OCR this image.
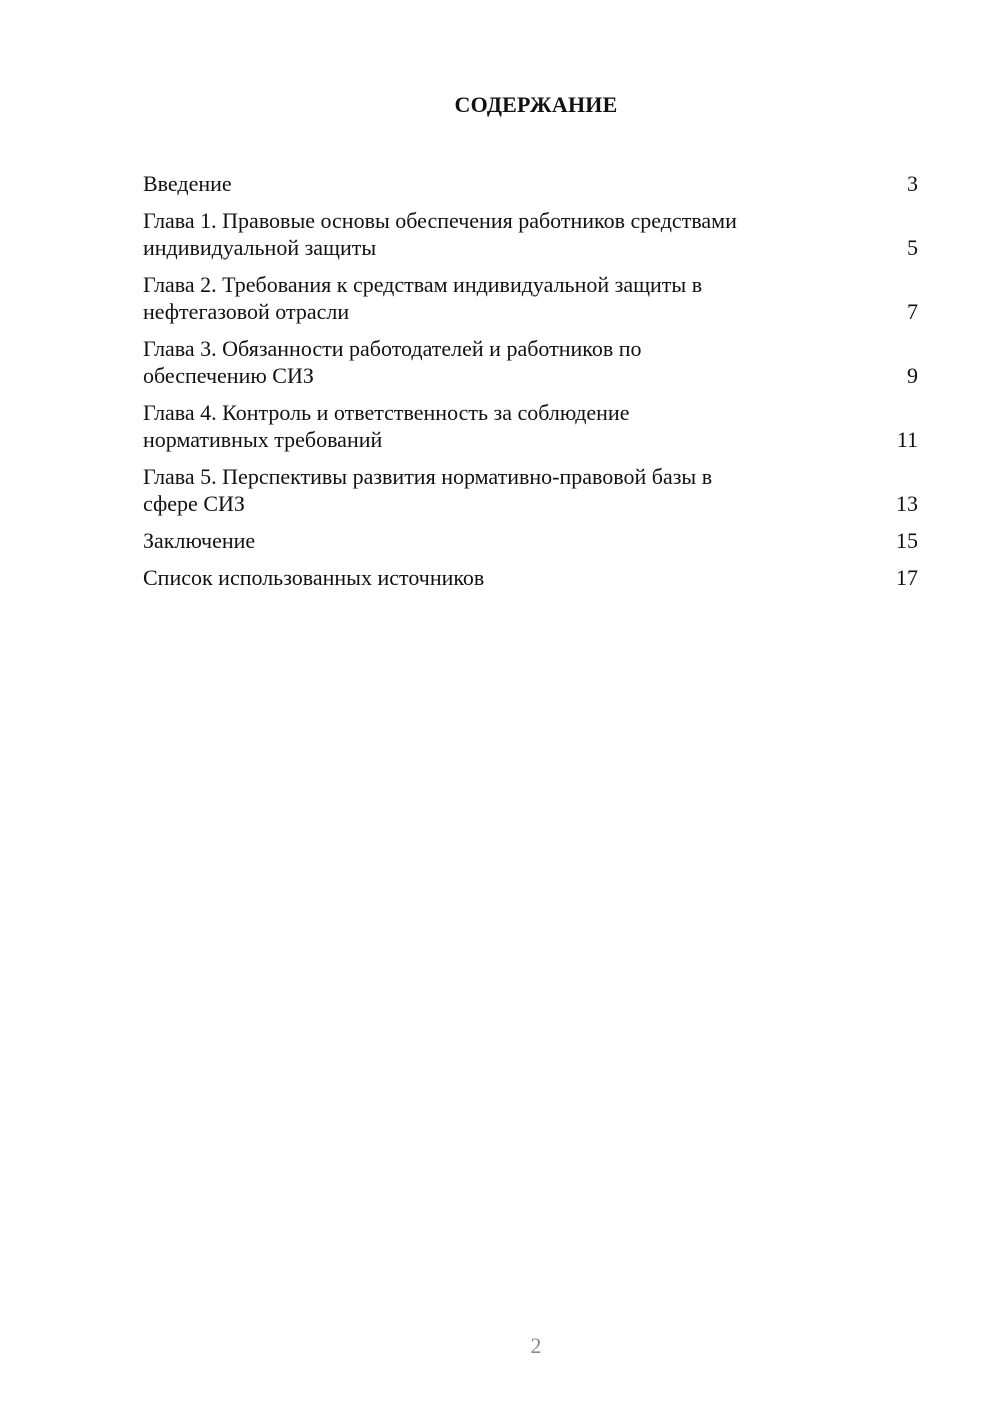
СОДЕРЖАНИЕ
Введение	3
Глава 1. Правовые основы обеспечения работников средствами
индивидуальной защиты	5
Глава 2. Требования к средствам индивидуальной защиты в
нефтегазовой отрасли	7
Глава 3. Обязанности работодателей и работников по
обеспечению СИЗ	9
Глава 4. Контроль и ответственность за соблюдение
нормативных требований	11
Глава 5. Перспективы развития нормативно-правовой базы в
сфере СИЗ	13
Заключение	15
Список использованных источников	17
2
